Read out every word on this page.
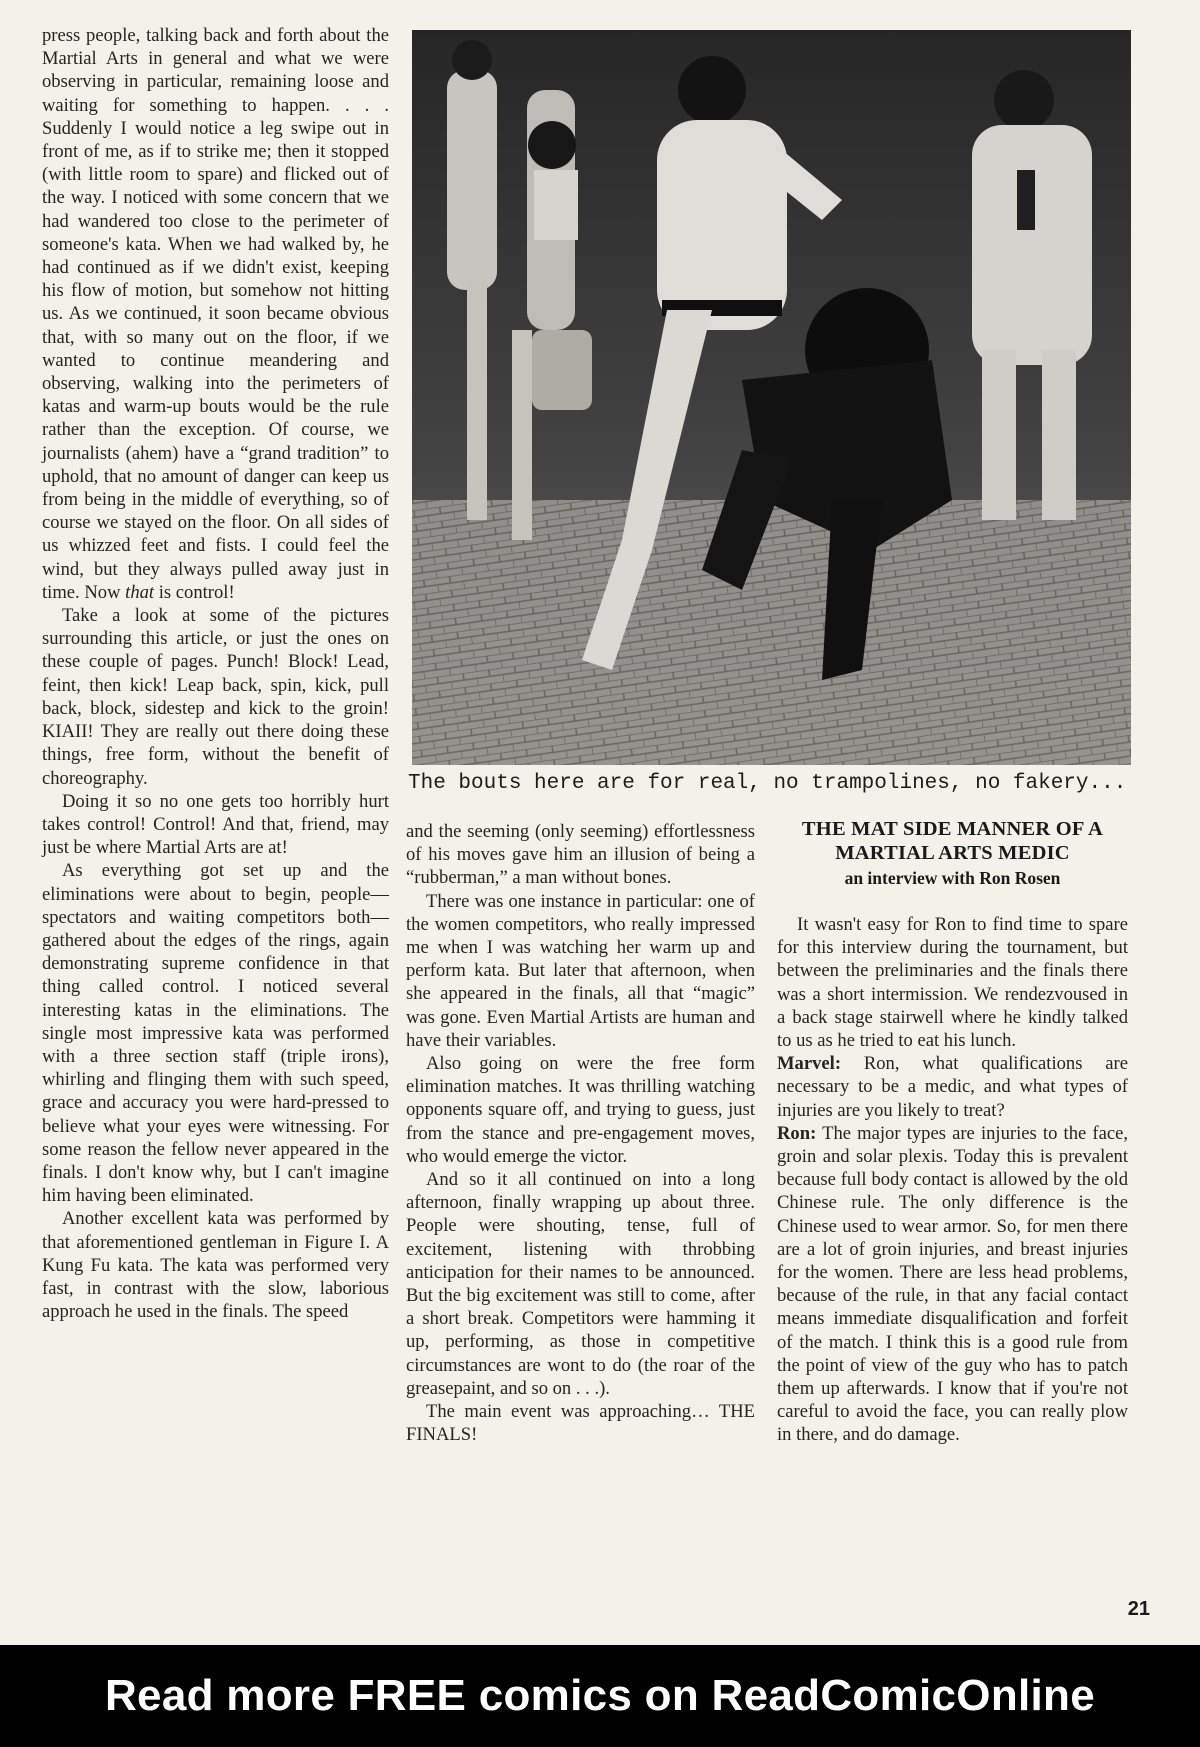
press people, talking back and forth about the Martial Arts in general and what we were observing in particular, remaining loose and waiting for something to happen. . . . Suddenly I would notice a leg swipe out in front of me, as if to strike me; then it stopped (with little room to spare) and flicked out of the way. I noticed with some concern that we had wandered too close to the perimeter of someone's kata. When we had walked by, he had continued as if we didn't exist, keeping his flow of motion, but somehow not hitting us. As we continued, it soon became obvious that, with so many out on the floor, if we wanted to continue meandering and observing, walking into the perimeters of katas and warm-up bouts would be the rule rather than the exception. Of course, we journalists (ahem) have a “grand tradition” to uphold, that no amount of danger can keep us from being in the middle of everything, so of course we stayed on the floor. On all sides of us whizzed feet and fists. I could feel the wind, but they always pulled away just in time. Now that is control!

Take a look at some of the pictures surrounding this article, or just the ones on these couple of pages. Punch! Block! Lead, feint, then kick! Leap back, spin, kick, pull back, block, sidestep and kick to the groin! KIAII! They are really out there doing these things, free form, without the benefit of choreography.

Doing it so no one gets too horribly hurt takes control! Control! And that, friend, may just be where Martial Arts are at!

As everything got set up and the eliminations were about to begin, people—spectators and waiting competitors both—gathered about the edges of the rings, again demonstrating supreme confidence in that thing called control. I noticed several interesting katas in the eliminations. The single most impressive kata was performed with a three section staff (triple irons), whirling and flinging them with such speed, grace and accuracy you were hard-pressed to believe what your eyes were witnessing. For some reason the fellow never appeared in the finals. I don't know why, but I can't imagine him having been eliminated.

Another excellent kata was performed by that aforementioned gentleman in Figure I. A Kung Fu kata. The kata was performed very fast, in contrast with the slow, laborious approach he used in the finals. The speed

The bouts here are for real, no trampolines, no fakery...

and the seeming (only seeming) effortlessness of his moves gave him an illusion of being a “rubberman,” a man without bones.

There was one instance in particular: one of the women competitors, who really impressed me when I was watching her warm up and perform kata. But later that afternoon, when she appeared in the finals, all that “magic” was gone. Even Martial Artists are human and have their variables.

Also going on were the free form elimination matches. It was thrilling watching opponents square off, and trying to guess, just from the stance and pre-engagement moves, who would emerge the victor.

And so it all continued on into a long afternoon, finally wrapping up about three. People were shouting, tense, full of excitement, listening with throbbing anticipation for their names to be announced. But the big excitement was still to come, after a short break. Competitors were hamming it up, performing, as those in competitive circumstances are wont to do (the roar of the greasepaint, and so on . . .).

The main event was approaching… THE FINALS!

THE MAT SIDE MANNER OF A

MARTIAL ARTS MEDIC

an interview with Ron Rosen

It wasn't easy for Ron to find time to spare for this interview during the tournament, but between the preliminaries and the finals there was a short intermission. We rendezvoused in a back stage stairwell where he kindly talked to us as he tried to eat his lunch.

Marvel: Ron, what qualifications are necessary to be a medic, and what types of injuries are you likely to treat?

Ron: The major types are injuries to the face, groin and solar plexis. Today this is prevalent because full body contact is allowed by the old Chinese rule. The only difference is the Chinese used to wear armor. So, for men there are a lot of groin injuries, and breast injuries for the women. There are less head problems, because of the rule, in that any facial contact means immediate disqualification and forfeit of the match. I think this is a good rule from the point of view of the guy who has to patch them up afterwards. I know that if you're not careful to avoid the face, you can really plow in there, and do damage.

21

Read more FREE comics on ReadComicOnline
